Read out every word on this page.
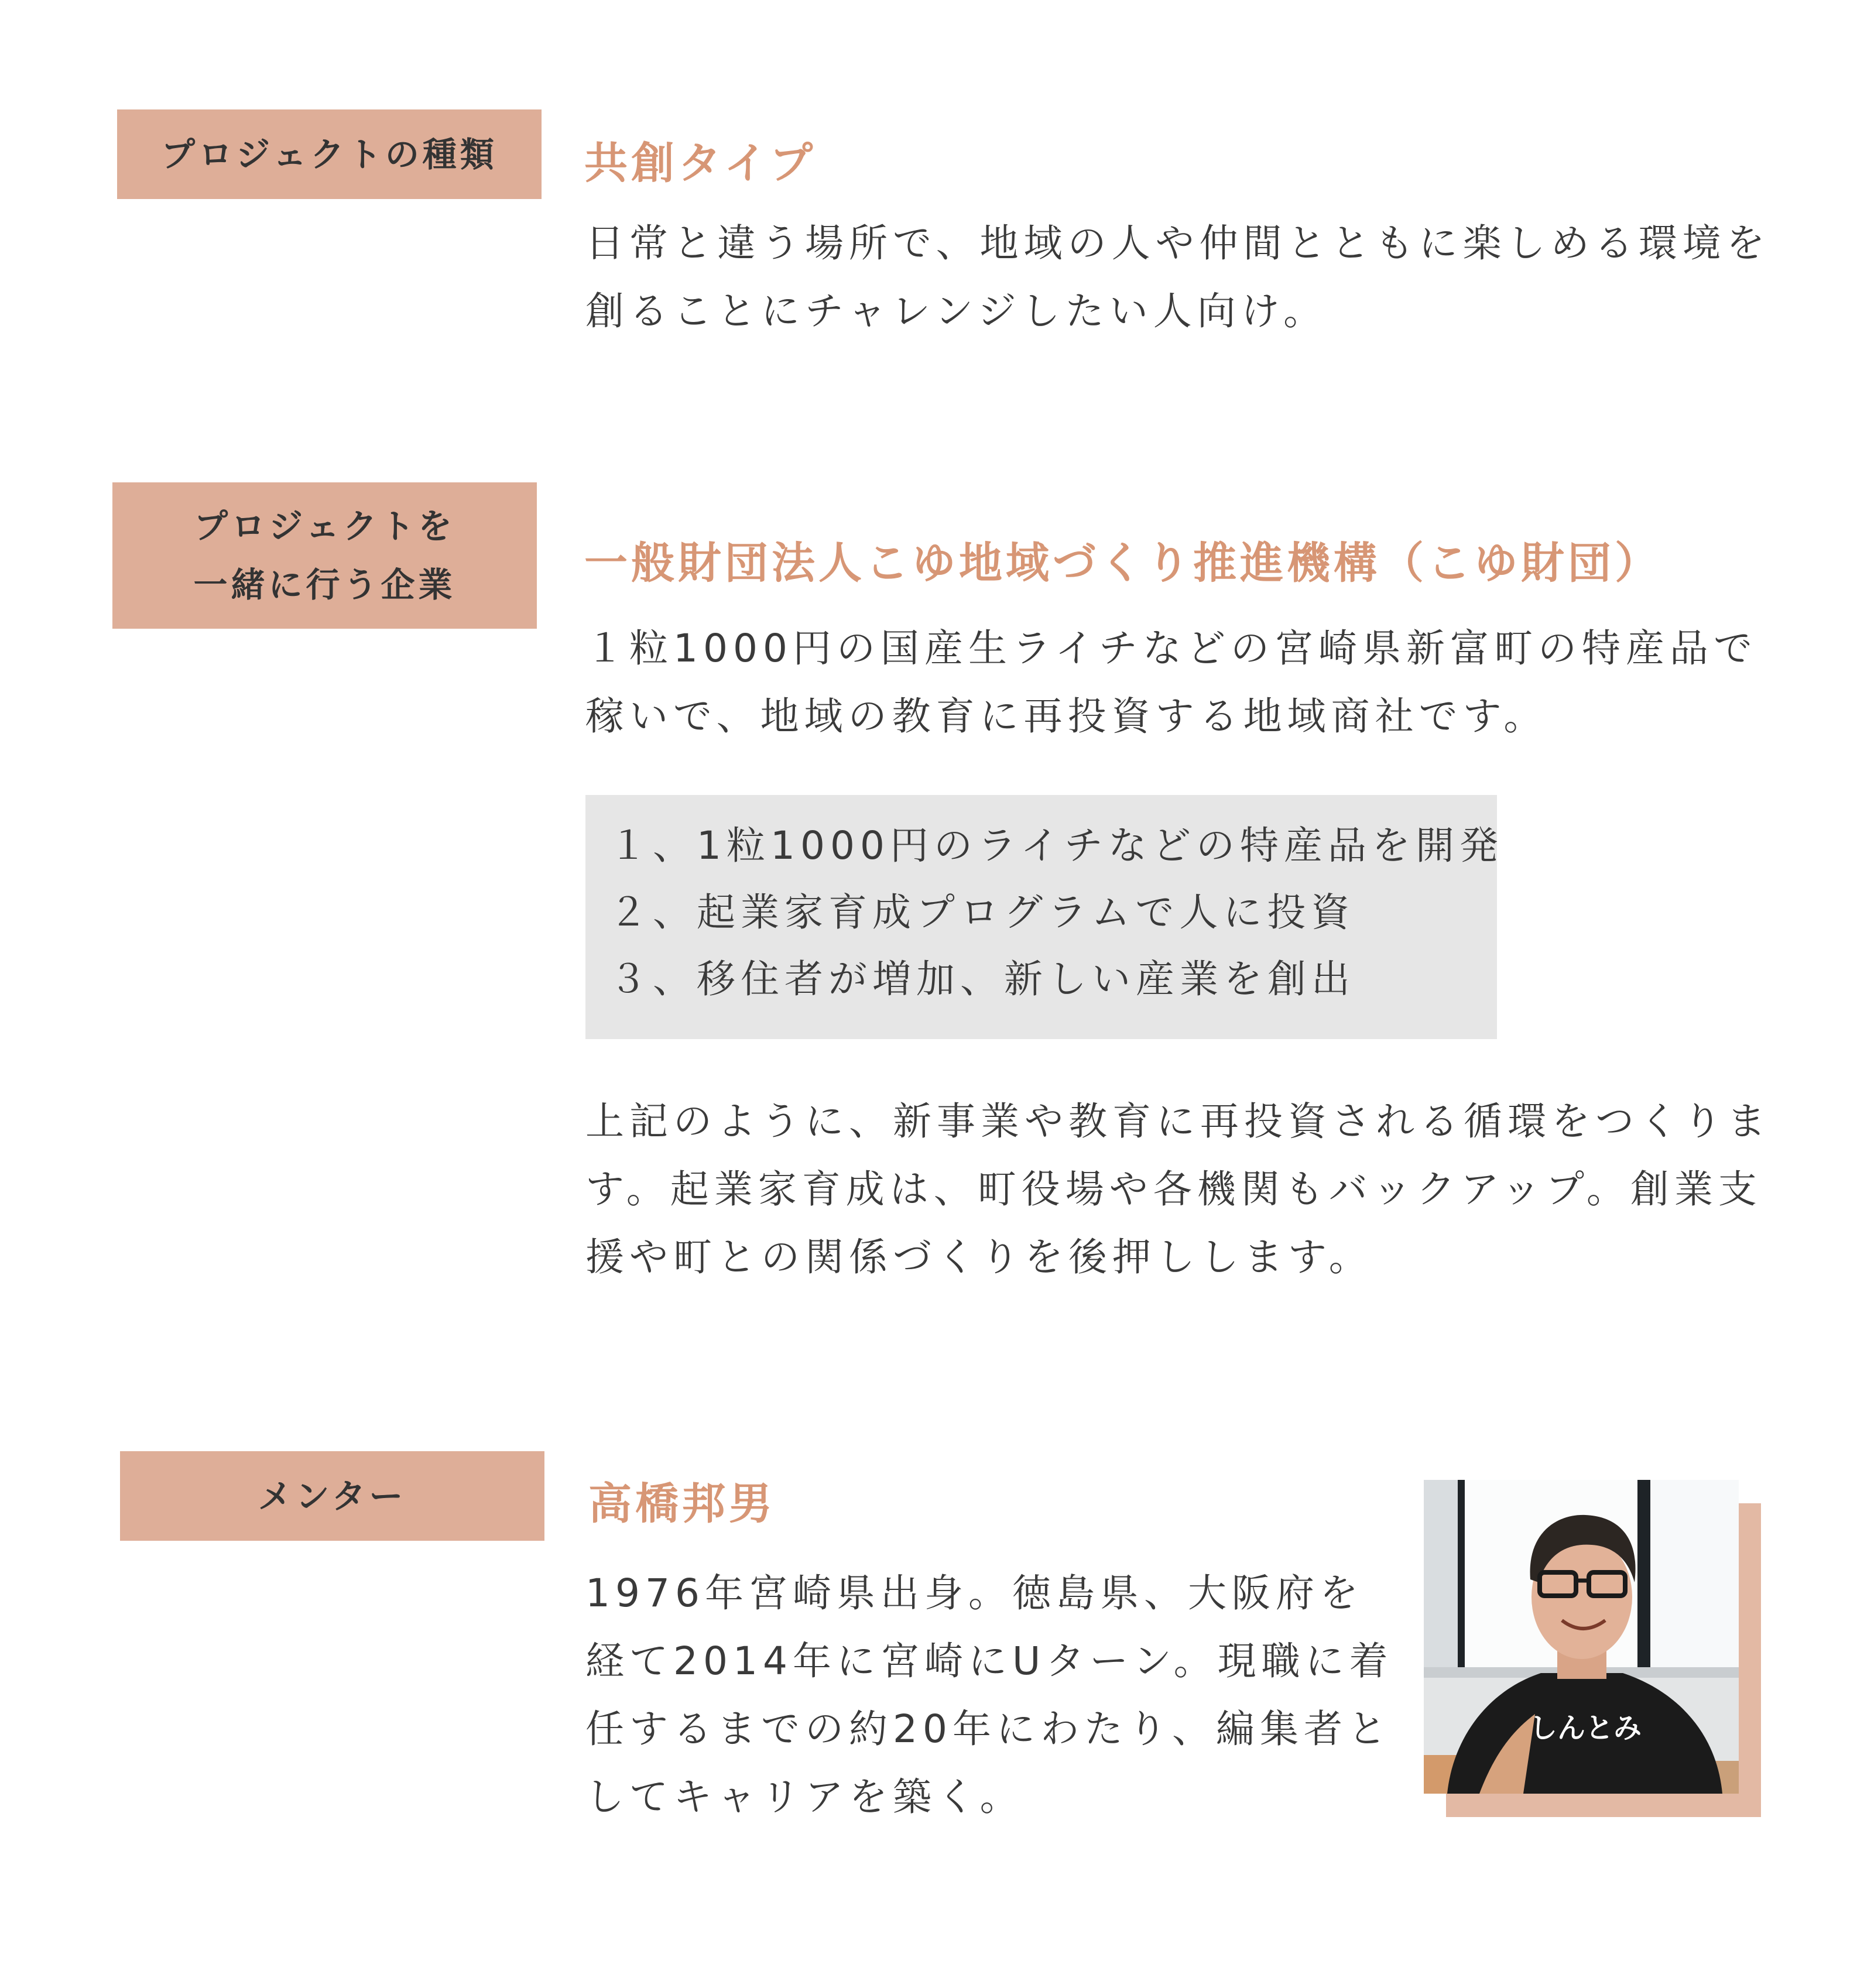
プロジェクトの種類 共創タイプ

日常と違う場所で、地域の人や仲間とともに楽しめる環境を創ることにチャレンジしたい人向け。

プロジェクトを
一緒に行う企業	一般財団法人こゆ地域づくり推進機構（こゆ財団）

１粒1000円の国産生ライチなどの宮崎県新富町の特産品で稼いで、地域の教育に再投資する地域商社です。

１、1粒1000円のライチなどの特産品を開発
２、起業家育成プログラムで人に投資
３、移住者が増加、新しい産業を創出

上記のように、新事業や教育に再投資される循環をつくります。起業家育成は、町役場や各機関もバックアップ。創業支援や町との関係づくりを後押しします。

メンター	高橋邦男

1976年宮崎県出身。徳島県、大阪府を経て2014年に宮崎にUターン。現職に着任するまでの約20年にわたり、編集者としてキャリアを築く。

しんとみ
